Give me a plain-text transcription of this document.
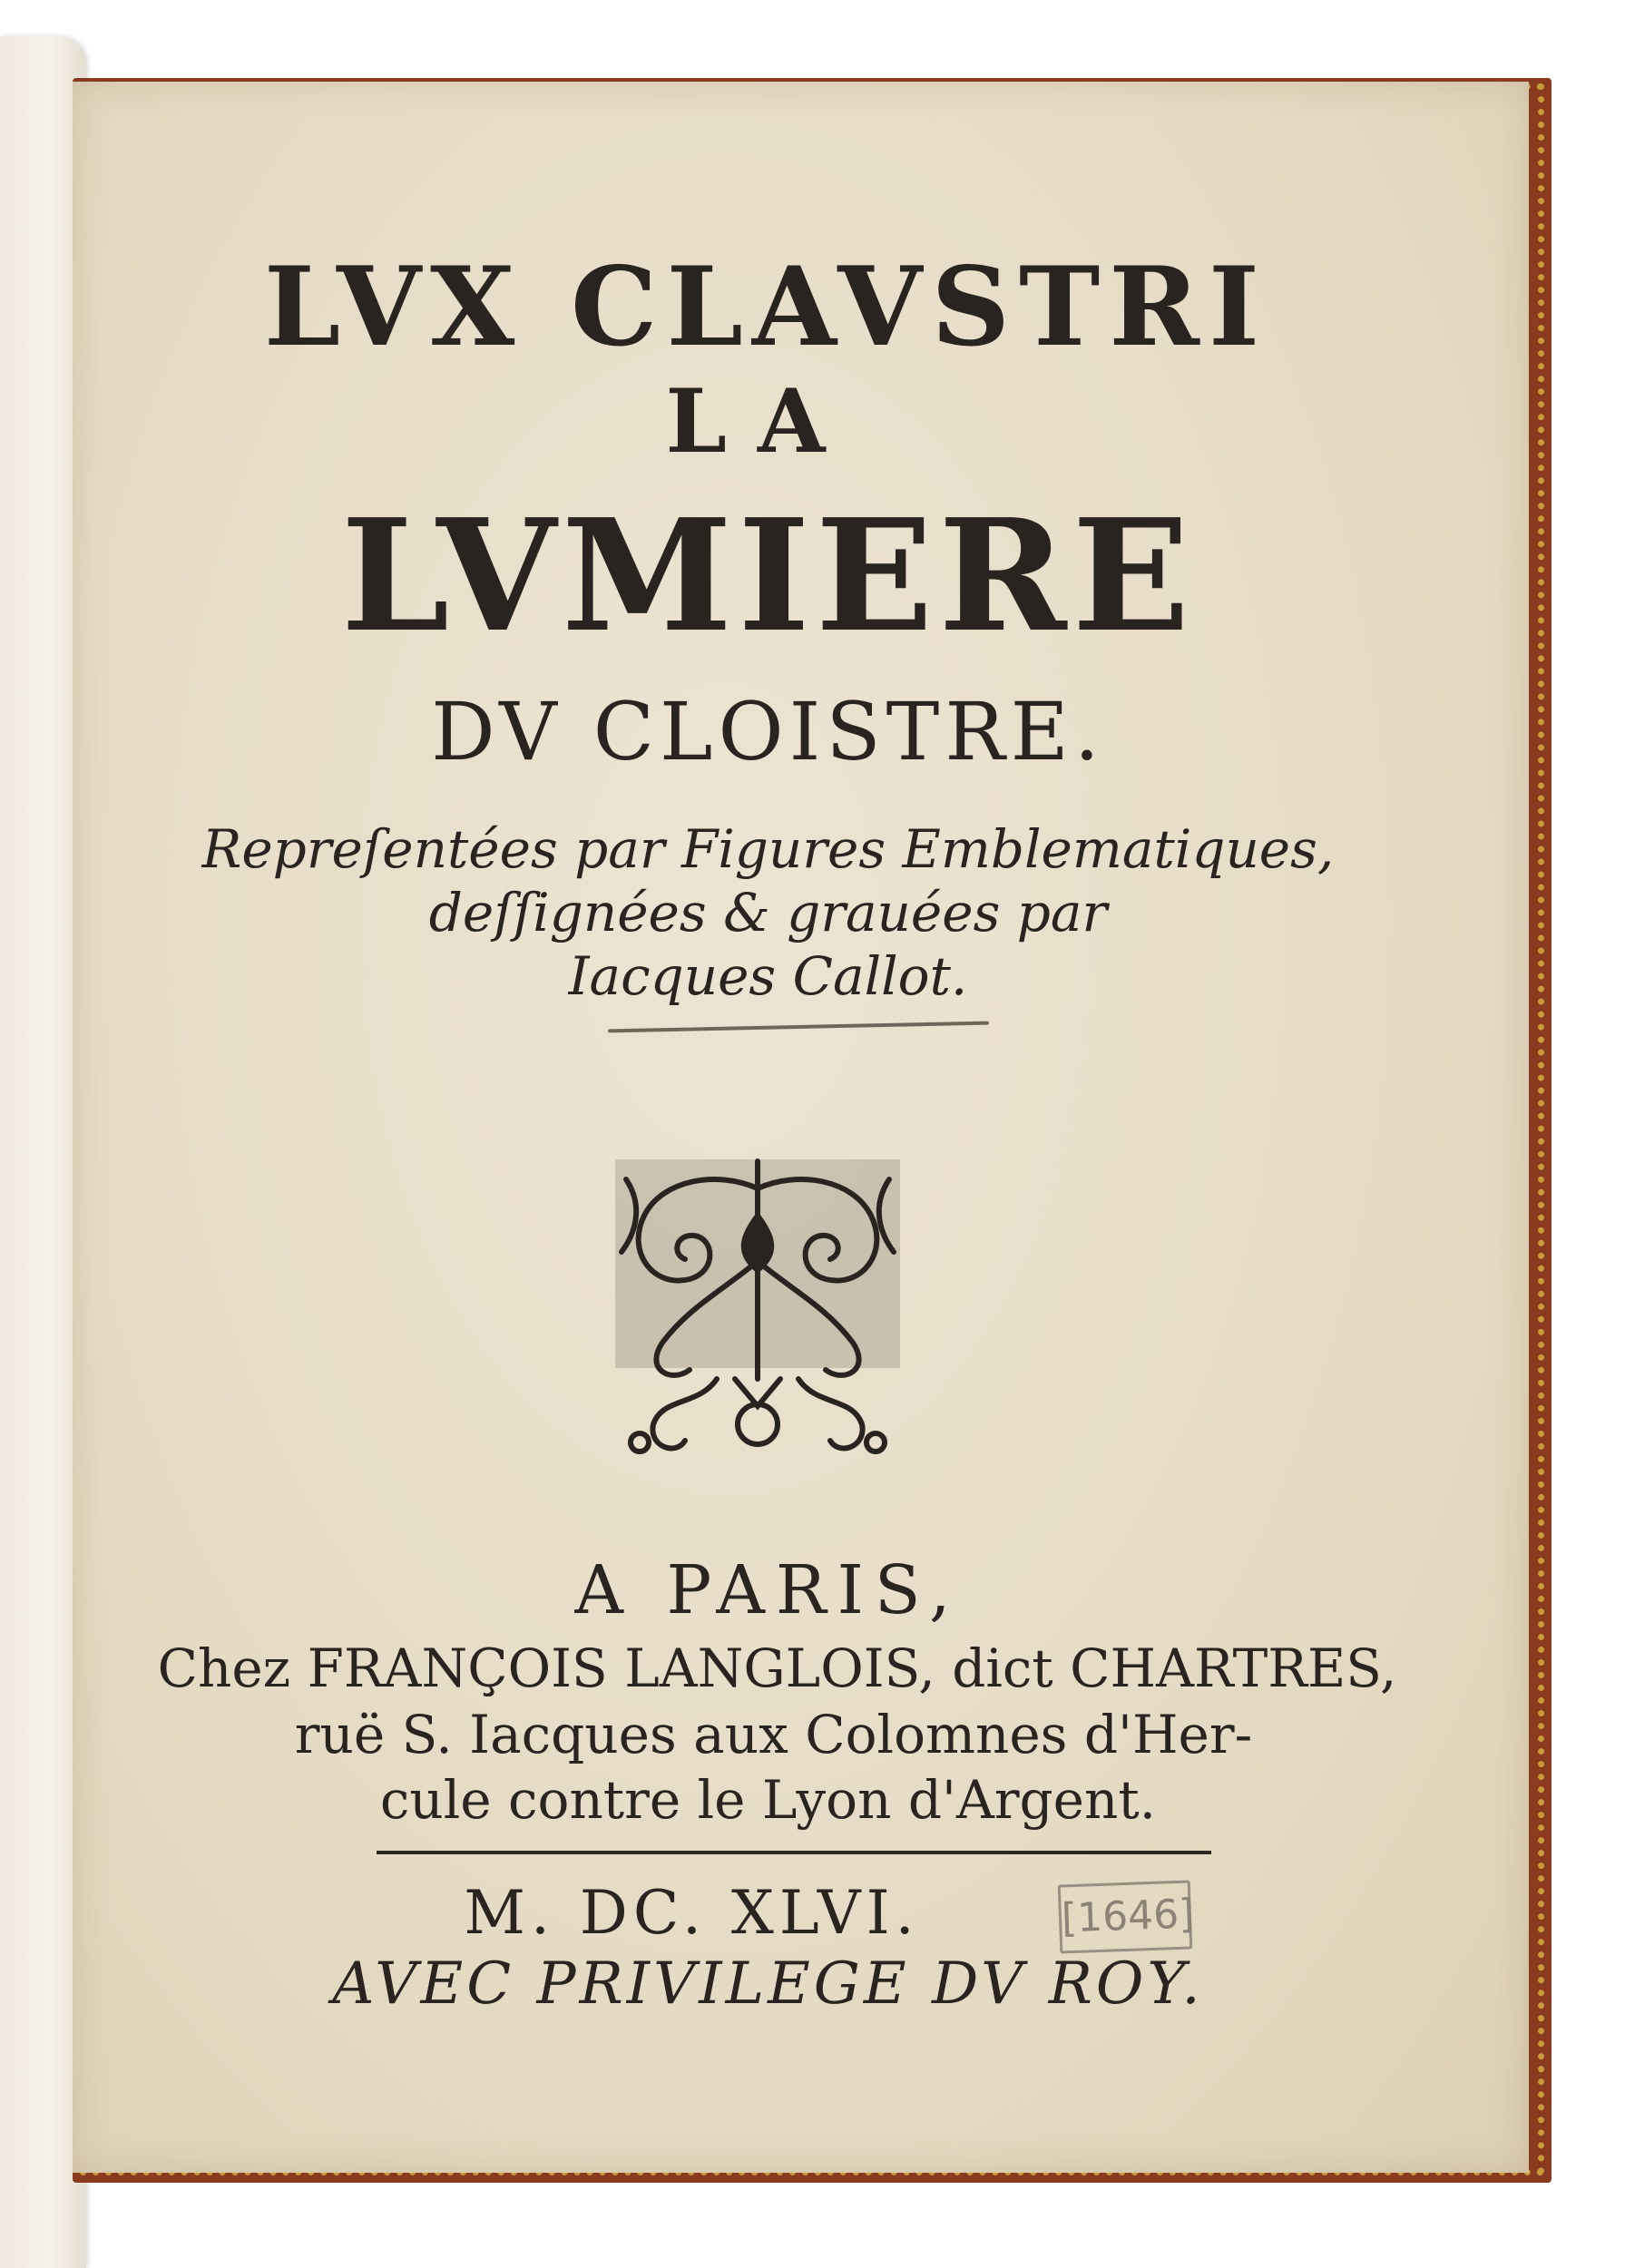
LVX CLAVSTRI
LA
LVMIERE
DV CLOISTRE.
Repreſentées par Figures Emblematiques,
deſſignées & grauées par
Iacques Callot.
A PARIS,
Chez FRANÇOIS LANGLOIS, dict CHARTRES,
ruë S. Iacques aux Colomnes d'Her-
cule contre le Lyon d'Argent.
M. DC. XLVI.	[1646]
AVEC PRIVILEGE DV ROY.
